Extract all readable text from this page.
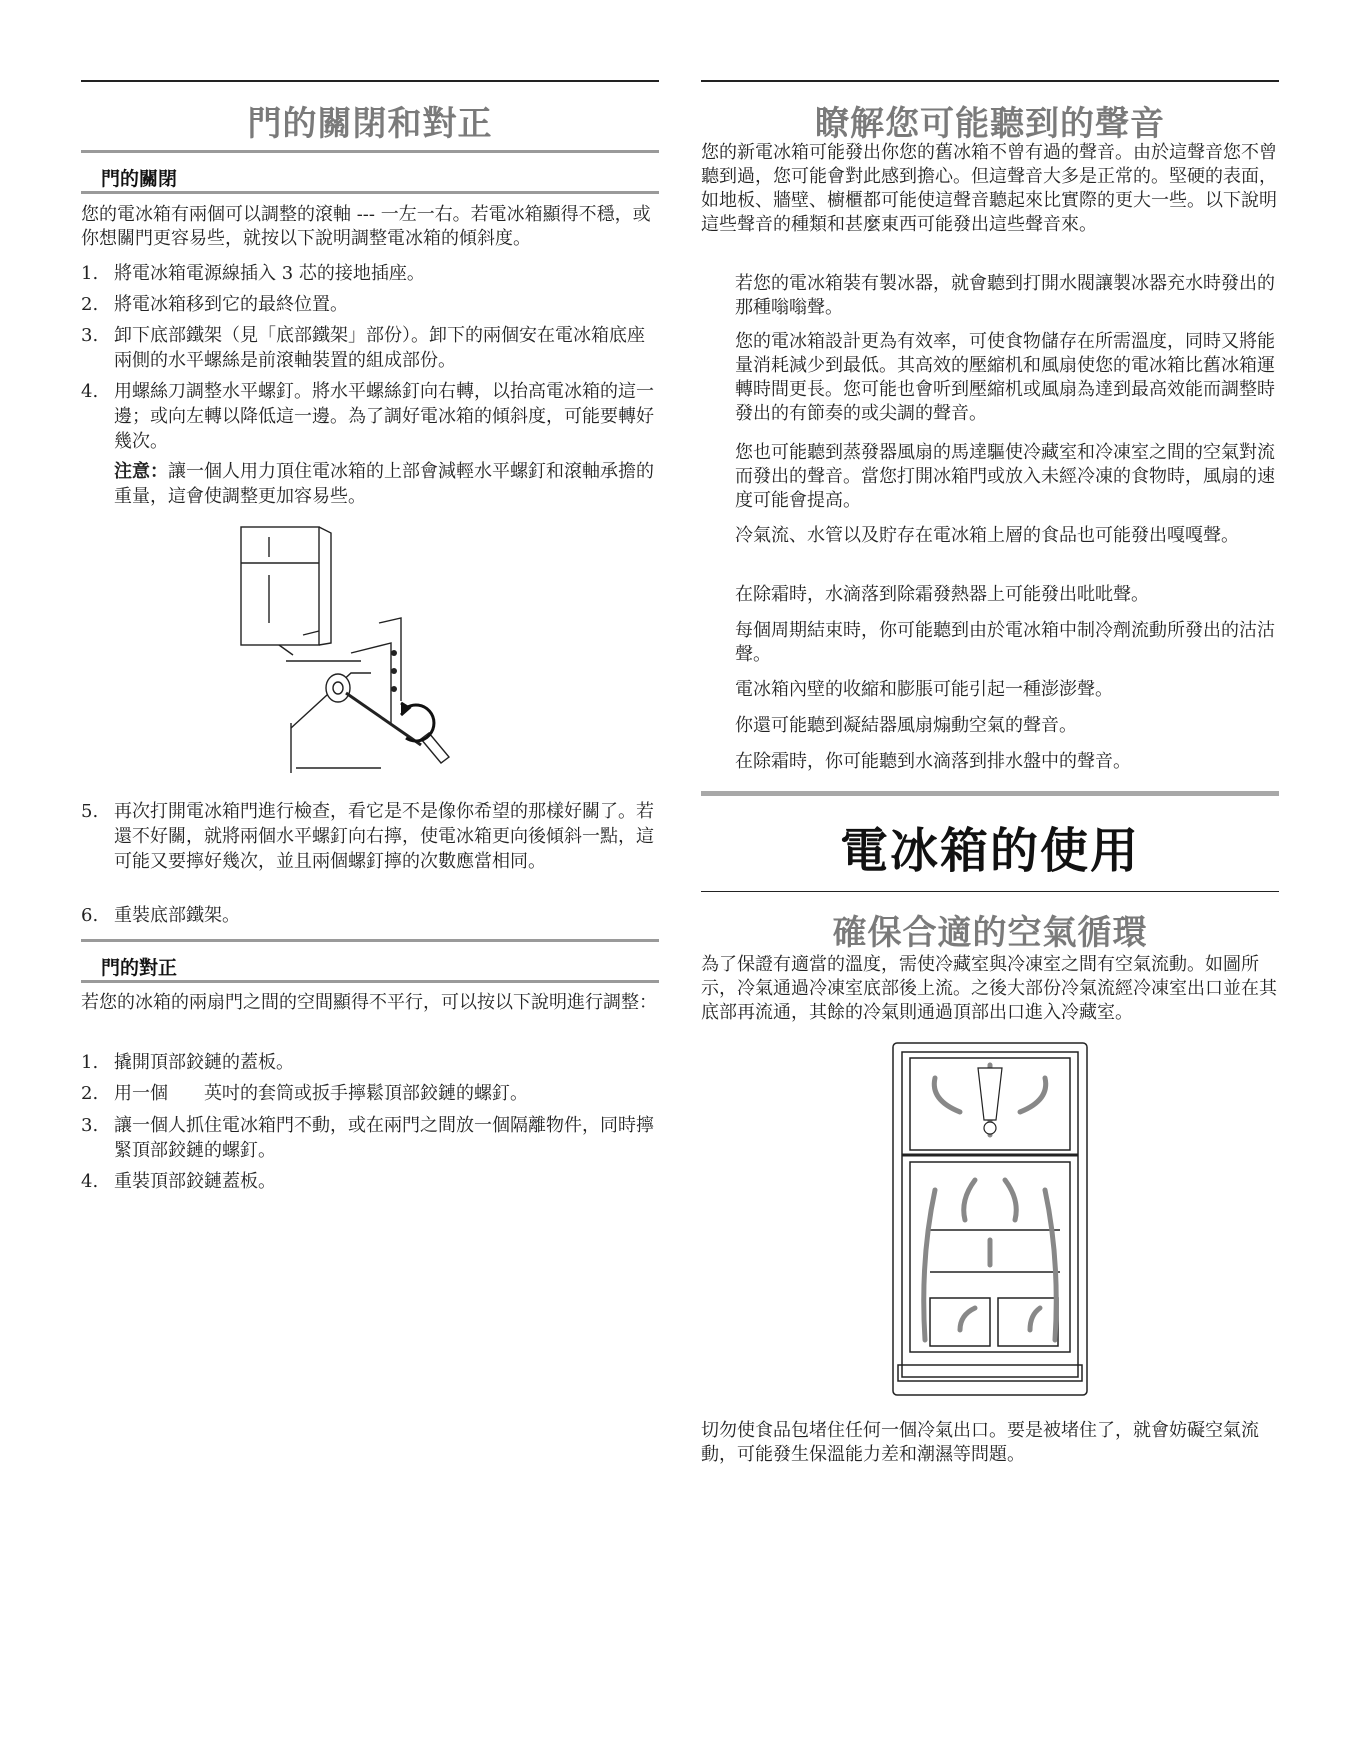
門的關閉和對正
門的關閉

您的電冰箱有兩個可以調整的滾軸 --- 一左一右。若電冰箱顯得不穩，或你想關門更容易些，就按以下說明調整電冰箱的傾斜度。

1. 將電冰箱電源線插入 3 芯的接地插座。
2. 將電冰箱移到它的最終位置。
3. 卸下底部鐵架（見「底部鐵架」部份）。卸下的兩個安在電冰箱底座兩側的水平螺絲是前滾軸裝置的組成部份。
4. 用螺絲刀調整水平螺釘。將水平螺絲釘向右轉，以抬高電冰箱的這一邊；或向左轉以降低這一邊。為了調好電冰箱的傾斜度，可能要轉好幾次。
注意：讓一個人用力頂住電冰箱的上部會減輕水平螺釘和滾軸承擔的重量，這會使調整更加容易些。
5. 再次打開電冰箱門進行檢查，看它是不是像你希望的那樣好關了。若還不好關，就將兩個水平螺釘向右擰，使電冰箱更向後傾斜一點，這可能又要擰好幾次，並且兩個螺釘擰的次數應當相同。
6. 重裝底部鐵架。
門的對正

若您的冰箱的兩扇門之間的空間顯得不平行，可以按以下說明進行調整：

1. 撬開頂部鉸鏈的蓋板。
2. 用一個　　英吋的套筒或扳手擰鬆頂部鉸鏈的螺釘。
3. 讓一個人抓住電冰箱門不動，或在兩門之間放一個隔離物件，同時擰緊頂部鉸鏈的螺釘。
4. 重裝頂部鉸鏈蓋板。
瞭解您可能聽到的聲音

您的新電冰箱可能發出你您的舊冰箱不曾有過的聲音。由於這聲音您不曾聽到過，您可能會對此感到擔心。但這聲音大多是正常的。堅硬的表面，如地板、牆壁、櫥櫃都可能使這聲音聽起來比實際的更大一些。以下說明這些聲音的種類和甚麼東西可能發出這些聲音來。

若您的電冰箱裝有製冰器，就會聽到打開水閥讓製冰器充水時發出的那種嗡嗡聲。

您的電冰箱設計更為有效率，可使食物儲存在所需溫度，同時又將能量消耗減少到最低。其高效的壓縮机和風扇使您的電冰箱比舊冰箱運轉時間更長。您可能也會听到壓縮机或風扇為達到最高效能而調整時發出的有節奏的或尖調的聲音。

您也可能聽到蒸發器風扇的馬達驅使冷藏室和冷凍室之間的空氣對流而發出的聲音。當您打開冰箱門或放入未經冷凍的食物時，風扇的速度可能會提高。

冷氣流、水管以及貯存在電冰箱上層的食品也可能發出嘎嘎聲。

在除霜時，水滴落到除霜發熱器上可能發出吡吡聲。

每個周期結束時，你可能聽到由於電冰箱中制冷劑流動所發出的沽沽聲。

電冰箱內壁的收縮和膨脹可能引起一種澎澎聲。

你還可能聽到凝結器風扇煽動空氣的聲音。

在除霜時，你可能聽到水滴落到排水盤中的聲音。

電冰箱的使用
確保合適的空氣循環

為了保證有適當的溫度，需使冷藏室與冷凍室之間有空氣流動。如圖所示，冷氣通過冷凍室底部後上流。之後大部份冷氣流經冷凍室出口並在其底部再流通，其餘的冷氣則通過頂部出口進入冷藏室。

切勿使食品包堵住任何一個冷氣出口。要是被堵住了，就會妨礙空氣流動，可能發生保溫能力差和潮濕等問題。
